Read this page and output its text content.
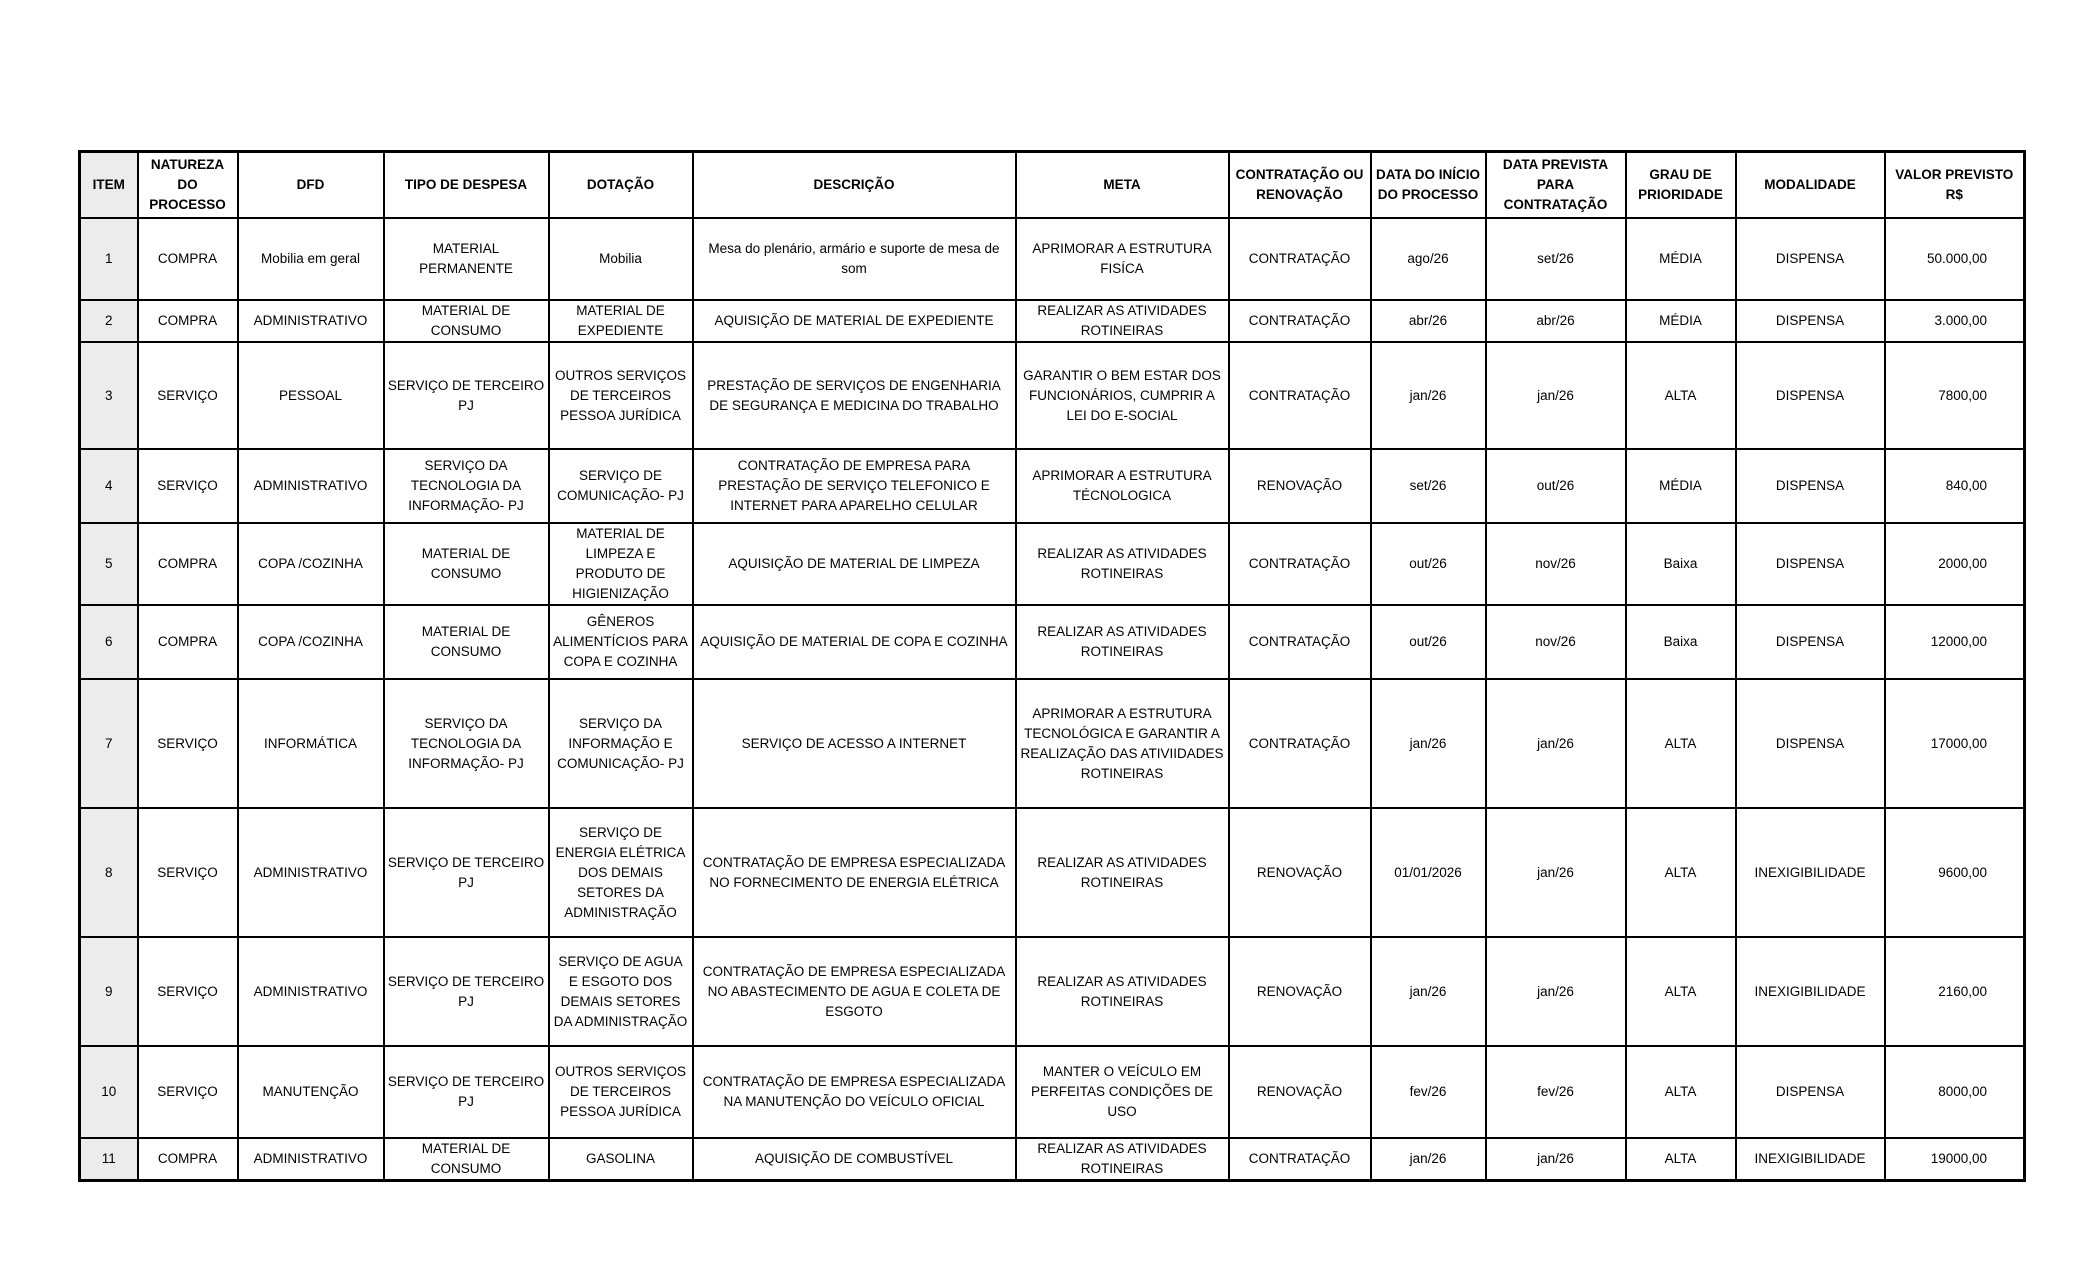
ITEM	NATUREZA DO PROCESSO	DFD	TIPO DE DESPESA	DOTAÇÃO	DESCRIÇÃO	META	CONTRATAÇÃO OU RENOVAÇÃO	DATA DO INÍCIO DO PROCESSO	DATA PREVISTA PARA CONTRATAÇÃO	GRAU DE PRIORIDADE	MODALIDADE	VALOR PREVISTO R$
1	COMPRA	Mobilia em geral	MATERIAL PERMANENTE	Mobilia	Mesa do plenário, armário e suporte de mesa de som	APRIMORAR A ESTRUTURA FISÍCA	CONTRATAÇÃO	ago/26	set/26	MÉDIA	DISPENSA	50.000,00
2	COMPRA	ADMINISTRATIVO	MATERIAL DE CONSUMO	MATERIAL DE EXPEDIENTE	AQUISIÇÃO DE MATERIAL DE EXPEDIENTE	REALIZAR AS ATIVIDADES ROTINEIRAS	CONTRATAÇÃO	abr/26	abr/26	MÉDIA	DISPENSA	3.000,00
3	SERVIÇO	PESSOAL	SERVIÇO DE TERCEIRO PJ	OUTROS SERVIÇOS DE TERCEIROS PESSOA JURÍDICA	PRESTAÇÃO DE SERVIÇOS DE ENGENHARIA DE SEGURANÇA E MEDICINA DO TRABALHO	GARANTIR O BEM ESTAR DOS FUNCIONÁRIOS, CUMPRIR A LEI DO E-SOCIAL	CONTRATAÇÃO	jan/26	jan/26	ALTA	DISPENSA	7800,00
4	SERVIÇO	ADMINISTRATIVO	SERVIÇO DA TECNOLOGIA DA INFORMAÇÃO- PJ	SERVIÇO DE COMUNICAÇÃO- PJ	CONTRATAÇÃO DE EMPRESA PARA PRESTAÇÃO DE SERVIÇO TELEFONICO E INTERNET PARA APARELHO CELULAR	APRIMORAR A ESTRUTURA TÉCNOLOGICA	RENOVAÇÃO	set/26	out/26	MÉDIA	DISPENSA	840,00
5	COMPRA	COPA /COZINHA	MATERIAL DE CONSUMO	MATERIAL DE LIMPEZA E PRODUTO DE HIGIENIZAÇÃO	AQUISIÇÃO DE MATERIAL DE LIMPEZA	REALIZAR AS ATIVIDADES ROTINEIRAS	CONTRATAÇÃO	out/26	nov/26	Baixa	DISPENSA	2000,00
6	COMPRA	COPA /COZINHA	MATERIAL DE CONSUMO	GÊNEROS ALIMENTÍCIOS PARA COPA E COZINHA	AQUISIÇÃO DE MATERIAL DE COPA E COZINHA	REALIZAR AS ATIVIDADES ROTINEIRAS	CONTRATAÇÃO	out/26	nov/26	Baixa	DISPENSA	12000,00
7	SERVIÇO	INFORMÁTICA	SERVIÇO DA TECNOLOGIA DA INFORMAÇÃO- PJ	SERVIÇO DA INFORMAÇÃO E COMUNICAÇÃO- PJ	SERVIÇO DE ACESSO A INTERNET	APRIMORAR A ESTRUTURA TECNOLÓGICA E GARANTIR A REALIZAÇÃO DAS ATIVIIDADES ROTINEIRAS	CONTRATAÇÃO	jan/26	jan/26	ALTA	DISPENSA	17000,00
8	SERVIÇO	ADMINISTRATIVO	SERVIÇO DE TERCEIRO PJ	SERVIÇO DE ENERGIA ELÉTRICA DOS DEMAIS SETORES DA ADMINISTRAÇÃO	CONTRATAÇÃO DE EMPRESA ESPECIALIZADA NO FORNECIMENTO DE ENERGIA ELÉTRICA	REALIZAR AS ATIVIDADES ROTINEIRAS	RENOVAÇÃO	01/01/2026	jan/26	ALTA	INEXIGIBILIDADE	9600,00
9	SERVIÇO	ADMINISTRATIVO	SERVIÇO DE TERCEIRO PJ	SERVIÇO DE AGUA E ESGOTO DOS DEMAIS SETORES DA ADMINISTRAÇÃO	CONTRATAÇÃO DE EMPRESA ESPECIALIZADA NO ABASTECIMENTO DE AGUA E COLETA DE ESGOTO	REALIZAR AS ATIVIDADES ROTINEIRAS	RENOVAÇÃO	jan/26	jan/26	ALTA	INEXIGIBILIDADE	2160,00
10	SERVIÇO	MANUTENÇÃO	SERVIÇO DE TERCEIRO PJ	OUTROS SERVIÇOS DE TERCEIROS PESSOA JURÍDICA	CONTRATAÇÃO DE EMPRESA ESPECIALIZADA NA MANUTENÇÃO DO VEÍCULO OFICIAL	MANTER O VEÍCULO EM PERFEITAS CONDIÇÕES DE USO	RENOVAÇÃO	fev/26	fev/26	ALTA	DISPENSA	8000,00
11	COMPRA	ADMINISTRATIVO	MATERIAL DE CONSUMO	GASOLINA	AQUISIÇÃO DE COMBUSTÍVEL	REALIZAR AS ATIVIDADES ROTINEIRAS	CONTRATAÇÃO	jan/26	jan/26	ALTA	INEXIGIBILIDADE	19000,00
